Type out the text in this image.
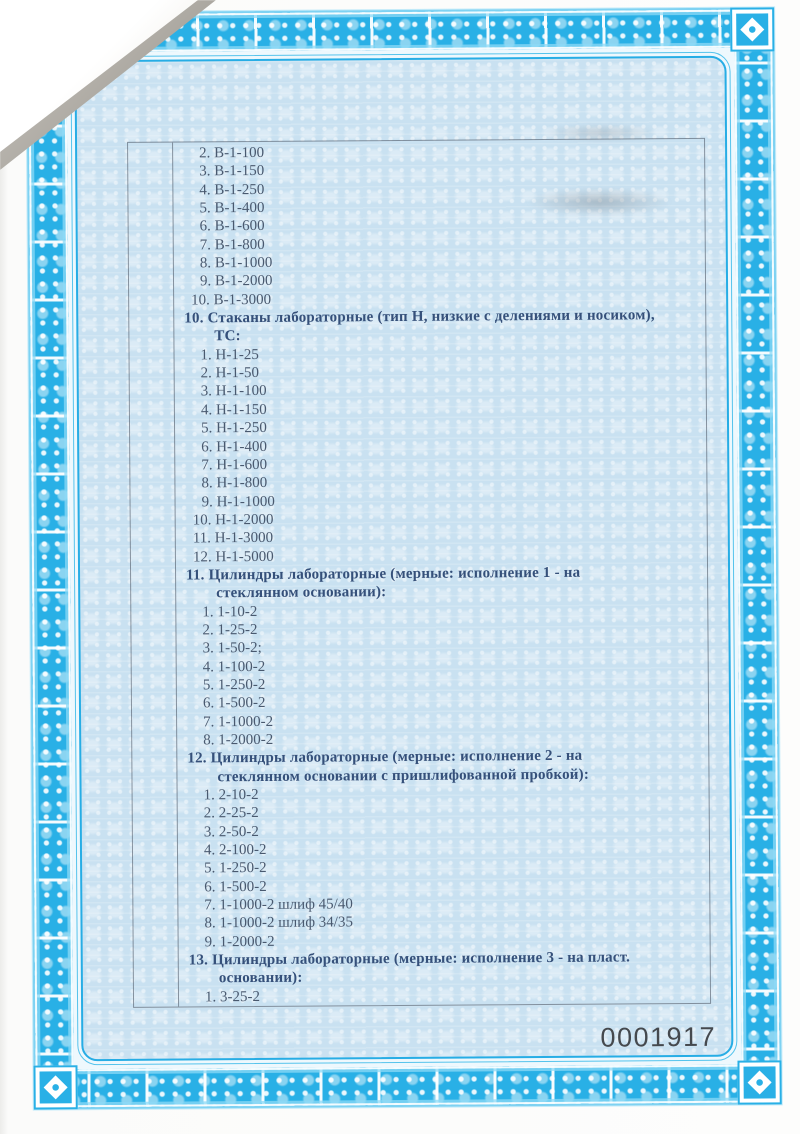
2. В-1-100
3. В-1-150
4. В-1-250
5. В-1-400
6. В-1-600
7. В-1-800
8. В-1-1000
9. В-1-2000
10. В-1-3000
10. Стаканы лабораторные (тип Н, низкие с делениями и носиком),
ТС:
1. Н-1-25
2. Н-1-50
3. Н-1-100
4. Н-1-150
5. Н-1-250
6. Н-1-400
7. Н-1-600
8. Н-1-800
9. Н-1-1000
10. Н-1-2000
11. Н-1-3000
12. Н-1-5000
11. Цилиндры лабораторные (мерные: исполнение 1 - на
стеклянном основании):
1. 1-10-2
2. 1-25-2
3. 1-50-2;
4. 1-100-2
5. 1-250-2
6. 1-500-2
7. 1-1000-2
8. 1-2000-2
12. Цилиндры лабораторные (мерные: исполнение 2 - на
стеклянном основании с пришлифованной пробкой):
1. 2-10-2
2. 2-25-2
3. 2-50-2
4. 2-100-2
5. 1-250-2
6. 1-500-2
7. 1-1000-2 шлиф 45/40
8. 1-1000-2 шлиф 34/35
9. 1-2000-2
13. Цилиндры лабораторные (мерные: исполнение 3 - на пласт.
основании):
1. 3-25-2
0001917
